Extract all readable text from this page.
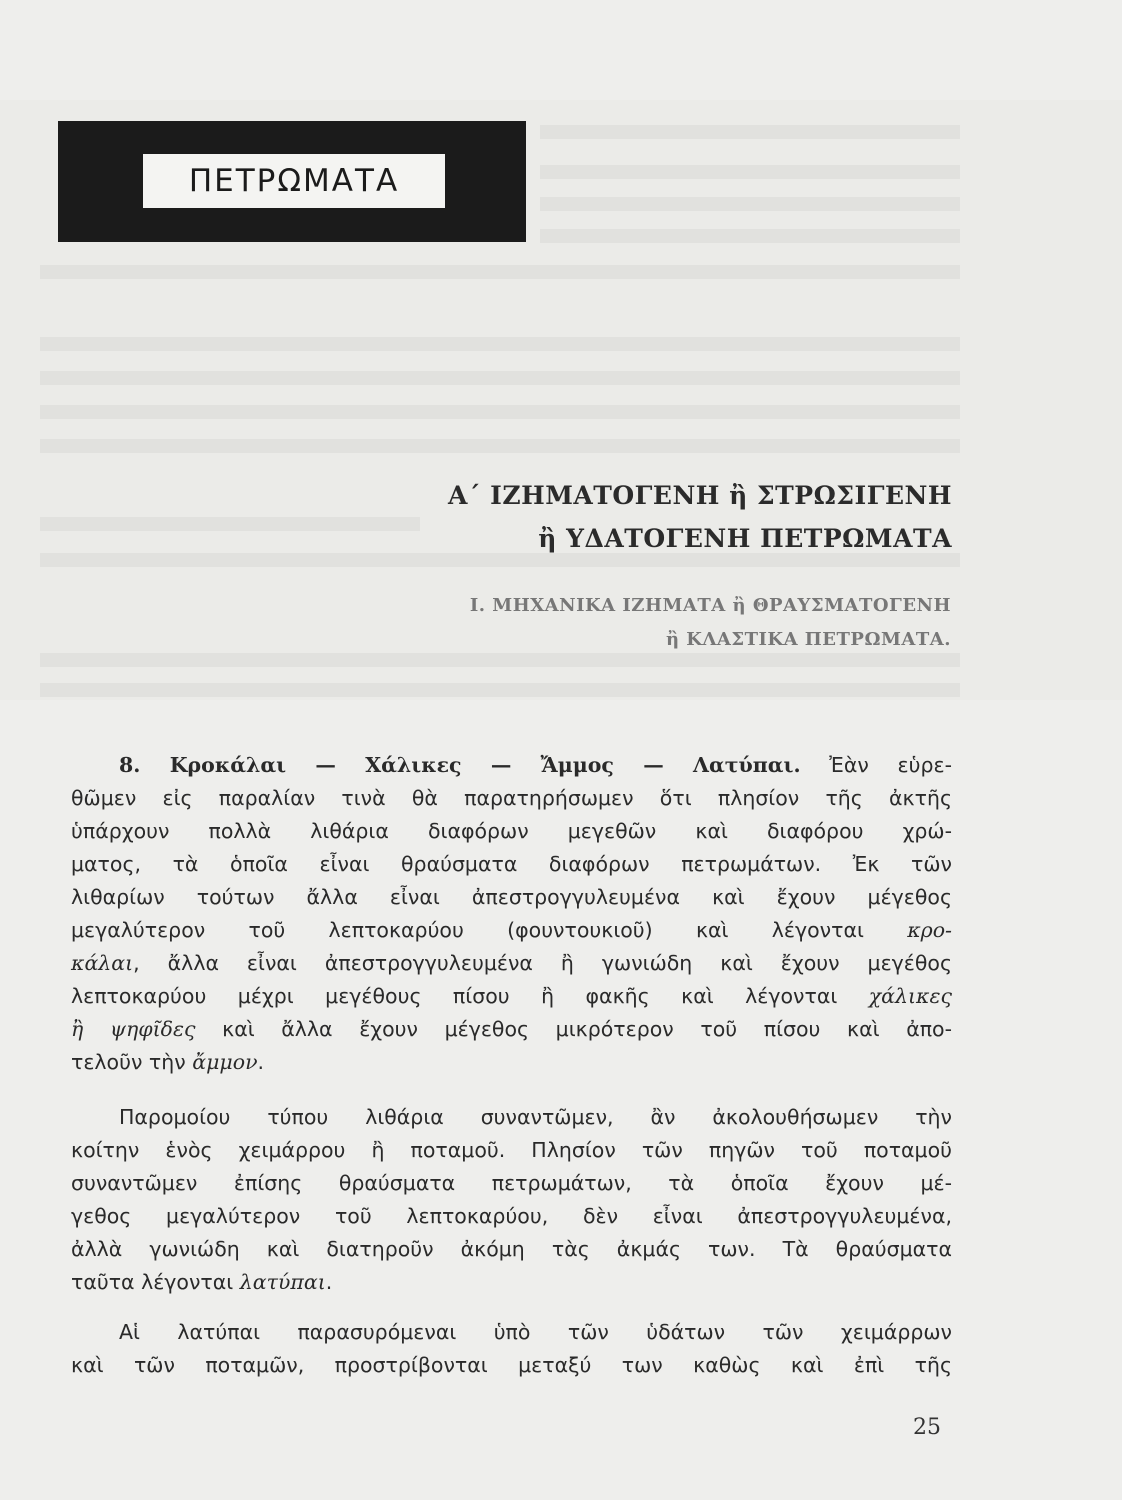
ΠΕΤΡΩΜΑΤΑ
Α΄ ΙΖΗΜΑΤΟΓΕΝΗ ἢ ΣΤΡΩΣΙΓΕΝΗ
ἢ ΥΔΑΤΟΓΕΝΗ ΠΕΤΡΩΜΑΤΑ
Ι. ΜΗΧΑΝΙΚΑ ΙΖΗΜΑΤΑ ἢ ΘΡΑΥΣΜΑΤΟΓΕΝΗ
ἢ ΚΛΑΣΤΙΚΑ ΠΕΤΡΩΜΑΤΑ.
8. Κροκάλαι — Χάλικες — Ἄμμος — Λατύπαι. Ἐὰν εὑρε-
θῶμεν εἰς παραλίαν τινὰ θὰ παρατηρήσωμεν ὅτι πλησίον τῆς ἀκτῆς
ὑπάρχουν πολλὰ λιθάρια διαφόρων μεγεθῶν καὶ διαφόρου χρώ-
ματος, τὰ ὁποῖα εἶναι θραύσματα διαφόρων πετρωμάτων. Ἐκ τῶν
λιθαρίων τούτων ἄλλα εἶναι ἀπεστρογγυλευμένα καὶ ἔχουν μέγεθος
μεγαλύτερον τοῦ λεπτοκαρύου (φουντουκιοῦ) καὶ λέγονται κρο-
κάλαι, ἄλλα εἶναι ἀπεστρογγυλευμένα ἢ γωνιώδη καὶ ἔχουν μεγέθος
λεπτοκαρύου μέχρι μεγέθους πίσου ἢ φακῆς καὶ λέγονται χάλικες
ἢ ψηφῖδες καὶ ἄλλα ἔχουν μέγεθος μικρότερον τοῦ πίσου καὶ ἀπο-
τελοῦν τὴν ἄμμον.
Παρομοίου τύπου λιθάρια συναντῶμεν, ἂν ἀκολουθήσωμεν τὴν
κοίτην ἑνὸς χειμάρρου ἢ ποταμοῦ. Πλησίον τῶν πηγῶν τοῦ ποταμοῦ
συναντῶμεν ἐπίσης θραύσματα πετρωμάτων, τὰ ὁποῖα ἔχουν μέ-
γεθος μεγαλύτερον τοῦ λεπτοκαρύου, δὲν εἶναι ἀπεστρογγυλευμένα,
ἀλλὰ γωνιώδη καὶ διατηροῦν ἀκόμη τὰς ἀκμάς των. Τὰ θραύσματα
ταῦτα λέγονται λατύπαι.
Αἱ λατύπαι παρασυρόμεναι ὑπὸ τῶν ὑδάτων τῶν χειμάρρων
καὶ τῶν ποταμῶν, προστρίβονται μεταξύ των καθὼς καὶ ἐπὶ τῆς
25
